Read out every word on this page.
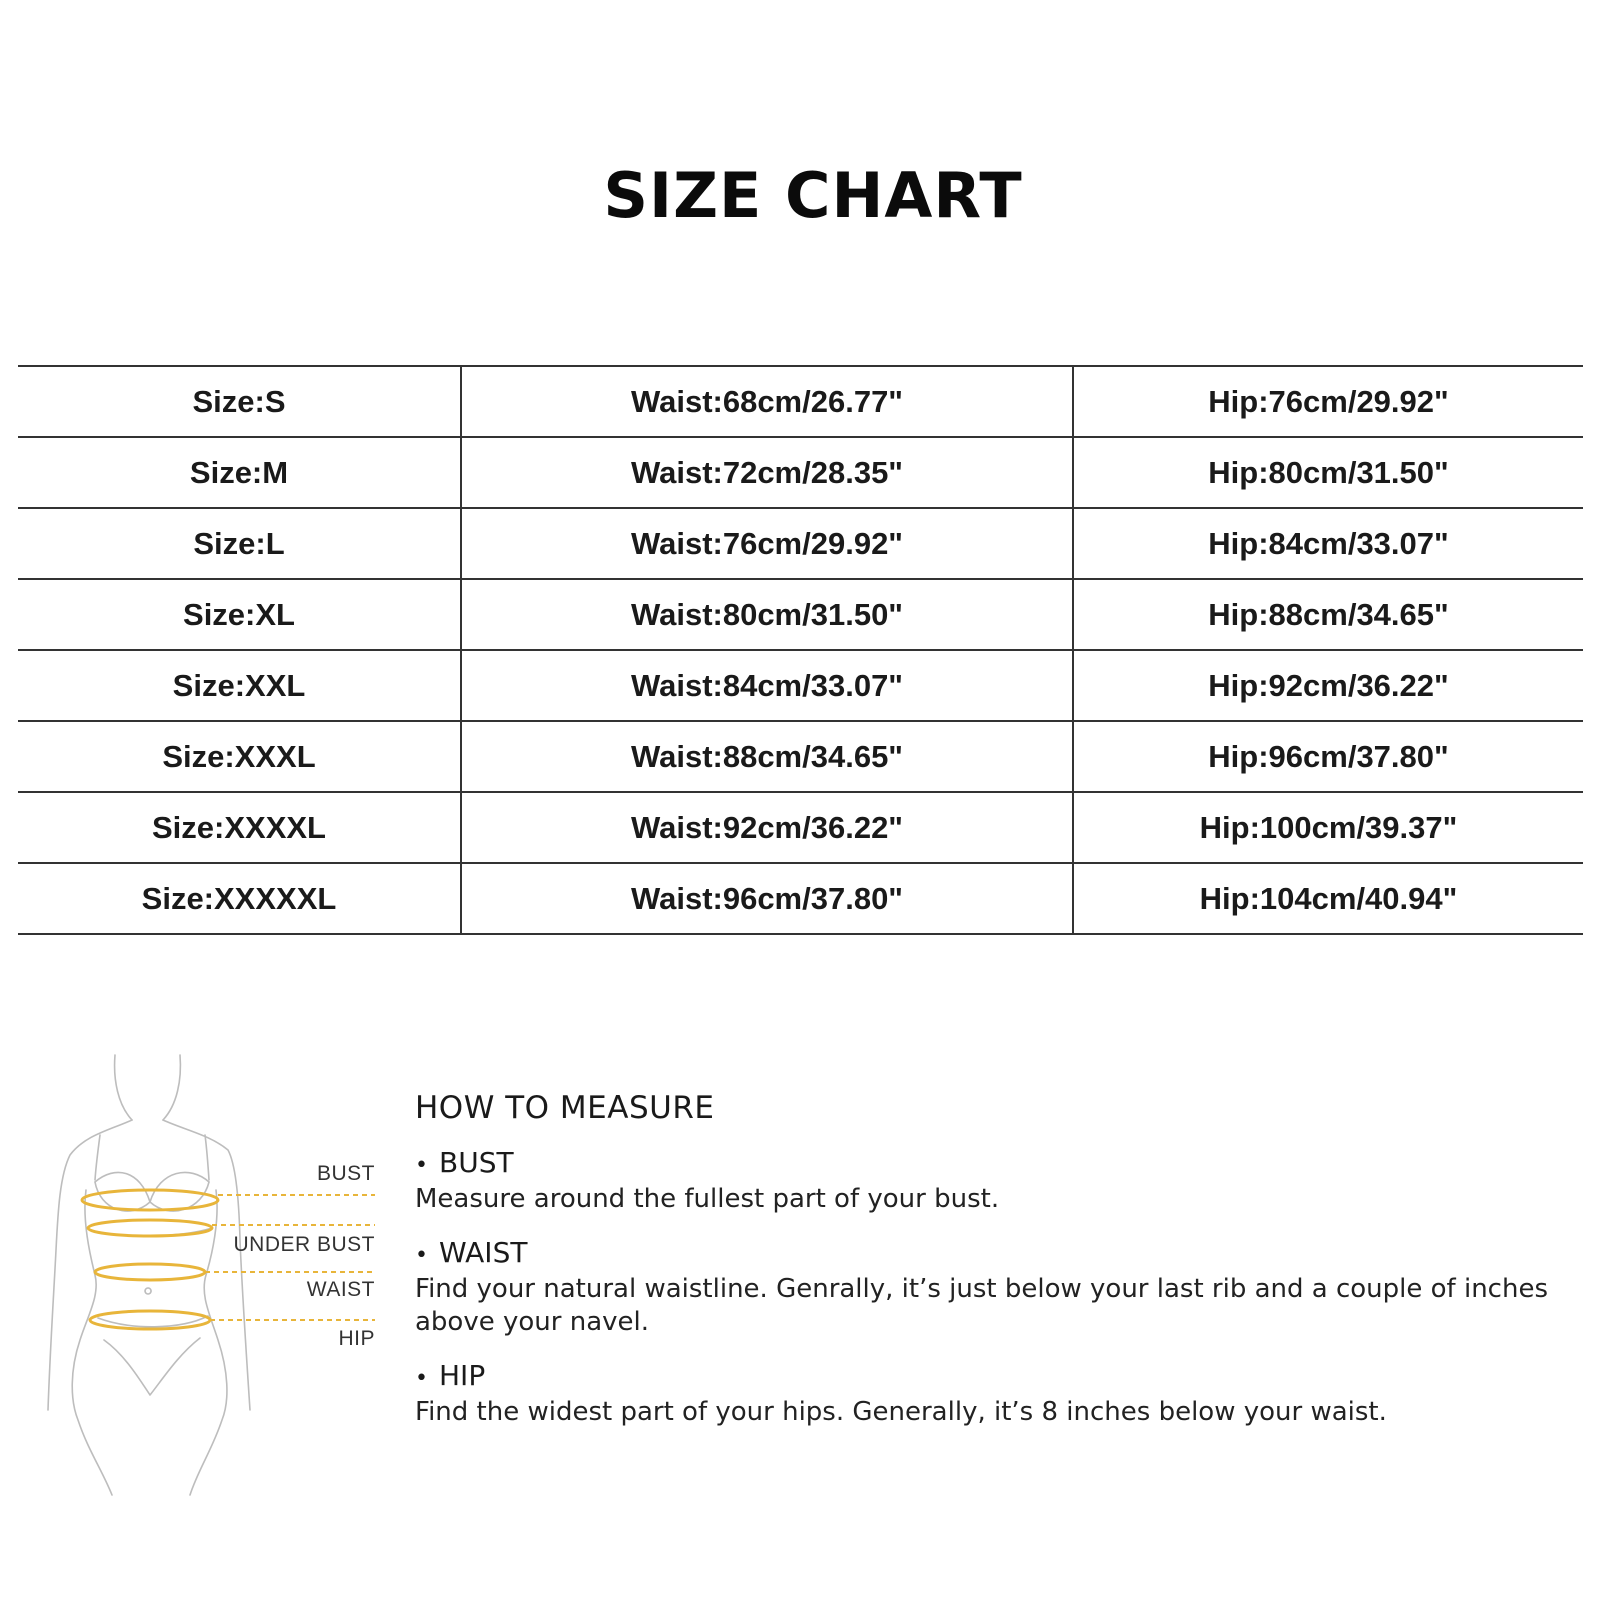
SIZE CHART
Size:S	Waist:68cm/26.77"	Hip:76cm/29.92"
Size:M	Waist:72cm/28.35"	Hip:80cm/31.50"
Size:L	Waist:76cm/29.92"	Hip:84cm/33.07"
Size:XL	Waist:80cm/31.50"	Hip:88cm/34.65"
Size:XXL	Waist:84cm/33.07"	Hip:92cm/36.22"
Size:XXXL	Waist:88cm/34.65"	Hip:96cm/37.80"
Size:XXXXL	Waist:92cm/36.22"	Hip:100cm/39.37"
Size:XXXXXL	Waist:96cm/37.80"	Hip:104cm/40.94"
BUST
UNDER BUST
WAIST
HIP
HOW TO MEASURE
• BUST
Measure around the fullest part of your bust.
• WAIST
Find your natural waistline. Genrally, it’s just below your last rib and a couple of inches above your navel.
• HIP
Find the widest part of your hips. Generally, it’s 8 inches below your waist.
